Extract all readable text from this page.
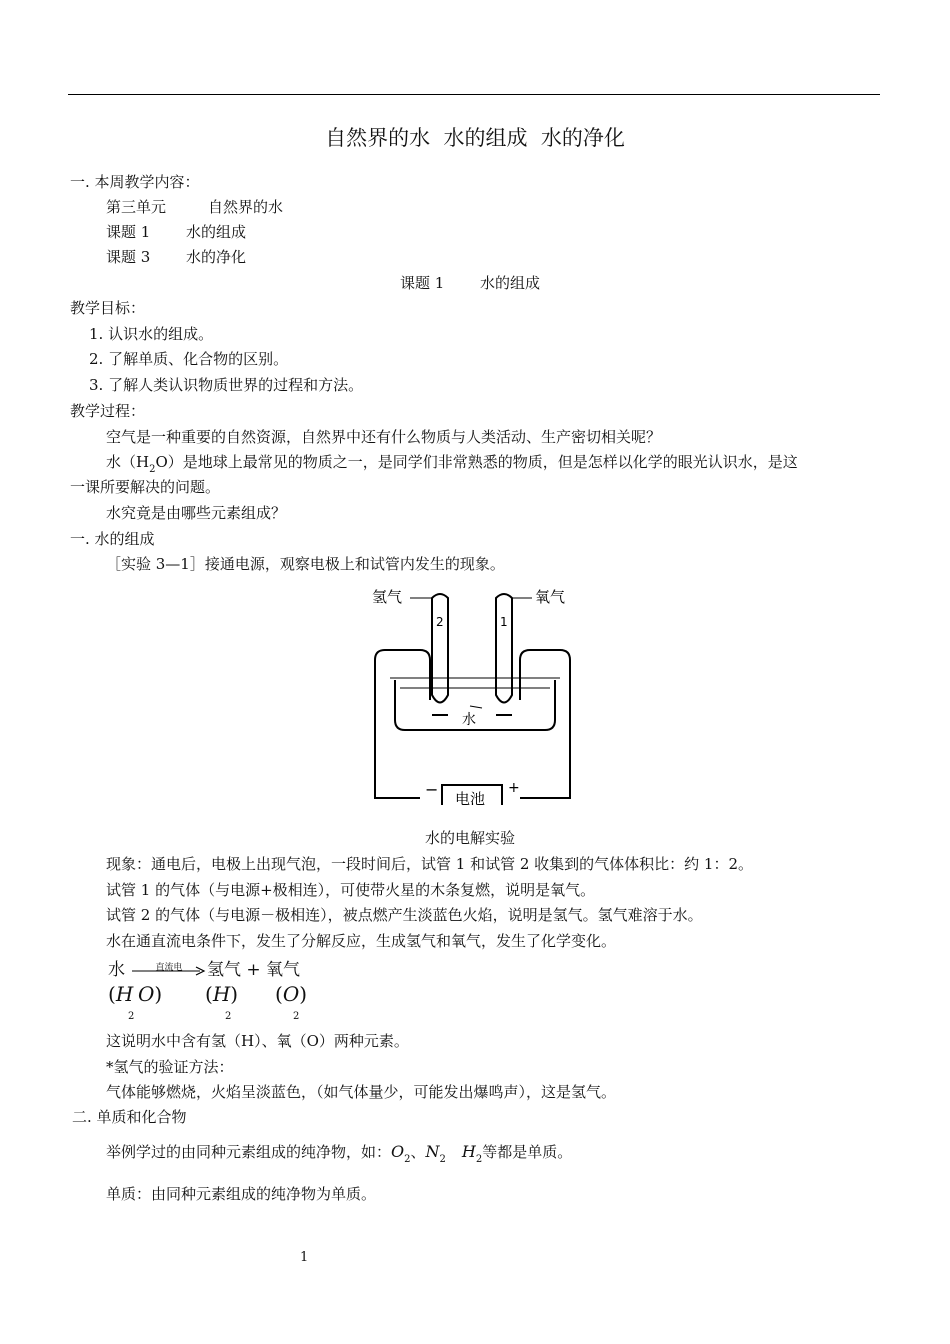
自然界的水  水的组成  水的净化
一. 本周教学内容：
第三单元	自然界的水
课题 1 水的组成
课题 3 水的净化
课题 1 水的组成
教学目标：
1. 认识水的组成。
2. 了解单质、化合物的区别。
3. 了解人类认识物质世界的过程和方法。
教学过程：
空气是一种重要的自然资源，自然界中还有什么物质与人类活动、生产密切相关呢？
水$(H_2O)$是地球上最常见的物质之一，是同学们非常熟悉的物质，但是怎样以化学的眼光认识水，是这
一课所要解决的问题。
水究竟是由哪些元素组成？
一. 水的组成
［实验 3—1］接通电源，观察电极上和试管内发生的现象。
氢气	氧气
2	1
水
电池
−	+
水的电解实验
现象：通电后，电极上出现气泡，一段时间后，试管 1 和试管 2 收集到的气体体积比：约 1：2。
试管 1 的气体（与电源+极相连），可使带火星的木条复燃，说明是氧气。
试管 2 的气体（与电源－极相连），被点燃产生淡蓝色火焰，说明是氢气。氢气难溶于水。
水在通直流电条件下，发生了分解反应，生成氢气和氧气，发生了化学变化。
水	直流电	氢气 + 氧气
(H
2
O) (H)
2
(O)
2
这说明水中含有氢（H）、氧（O）两种元素。
*氢气的验证方法：
气体能够燃烧，火焰呈淡蓝色，（如气体量少，可能发出爆鸣声），这是氢气。
二. 单质和化合物
举例学过的由同种元素组成的纯净物，如：$O_2$、$N_2$ $H_2$等都是单质。
单质：由同种元素组成的纯净物为单质。
1
